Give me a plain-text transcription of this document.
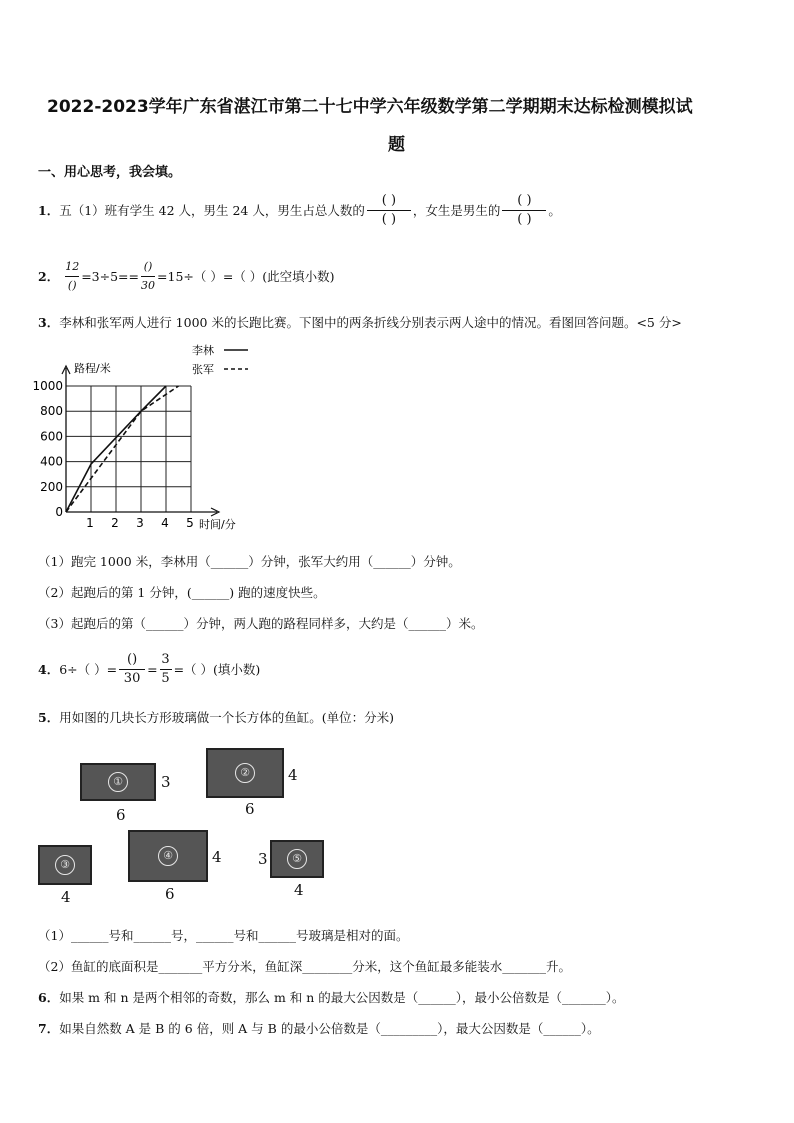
2022-2023学年广东省湛江市第二十七中学六年级数学第二学期期末达标检测模拟试
题
一、用心思考，我会填。
1． 五（1）班有学生 42 人，男生 24 人，男生占总人数的 $\frac{( )}{( )}$ ，女生是男生的 $\frac{( )}{( )}$ 。
2． $\frac{12}{()} =3\div 5== \frac{()}{30} =15\div$（ ）=（ ）(此空填小数)
3．李林和张军两人进行 1000 米的长跑比赛。下图中的两条折线分别表示两人途中的情况。看图回答问题。<5 分>
0
200
400
600
800
1000
1 2 3 4 5
路程/米
时间/分
李林
张军
（1）跑完 1000 米，李林用（______）分钟，张军大约用（______）分钟。
（2）起跑后的第 1 分钟，(______) 跑的速度快些。
（3）起跑后的第（______）分钟，两人跑的路程同样多，大约是（______）米。
4． 6÷（ ）= $\frac{()}{30} = \frac{3}{5}$ =（ ）(填小数)
5．用如图的几块长方形玻璃做一个长方体的鱼缸。(单位：分米)
①	3
6
②	4
6
③
4
④	4
6
⑤
3
4
（1）______号和______号，______号和______号玻璃是相对的面。
（2）鱼缸的底面积是_______平方分米，鱼缸深________分米，这个鱼缸最多能装水_______升。
6．如果 m 和 n 是两个相邻的奇数，那么 m 和 n 的最大公因数是（______），最小公倍数是（_______）。
7．如果自然数 A 是 B 的 6 倍，则 A 与 B 的最小公倍数是（_________），最大公因数是（______）。
